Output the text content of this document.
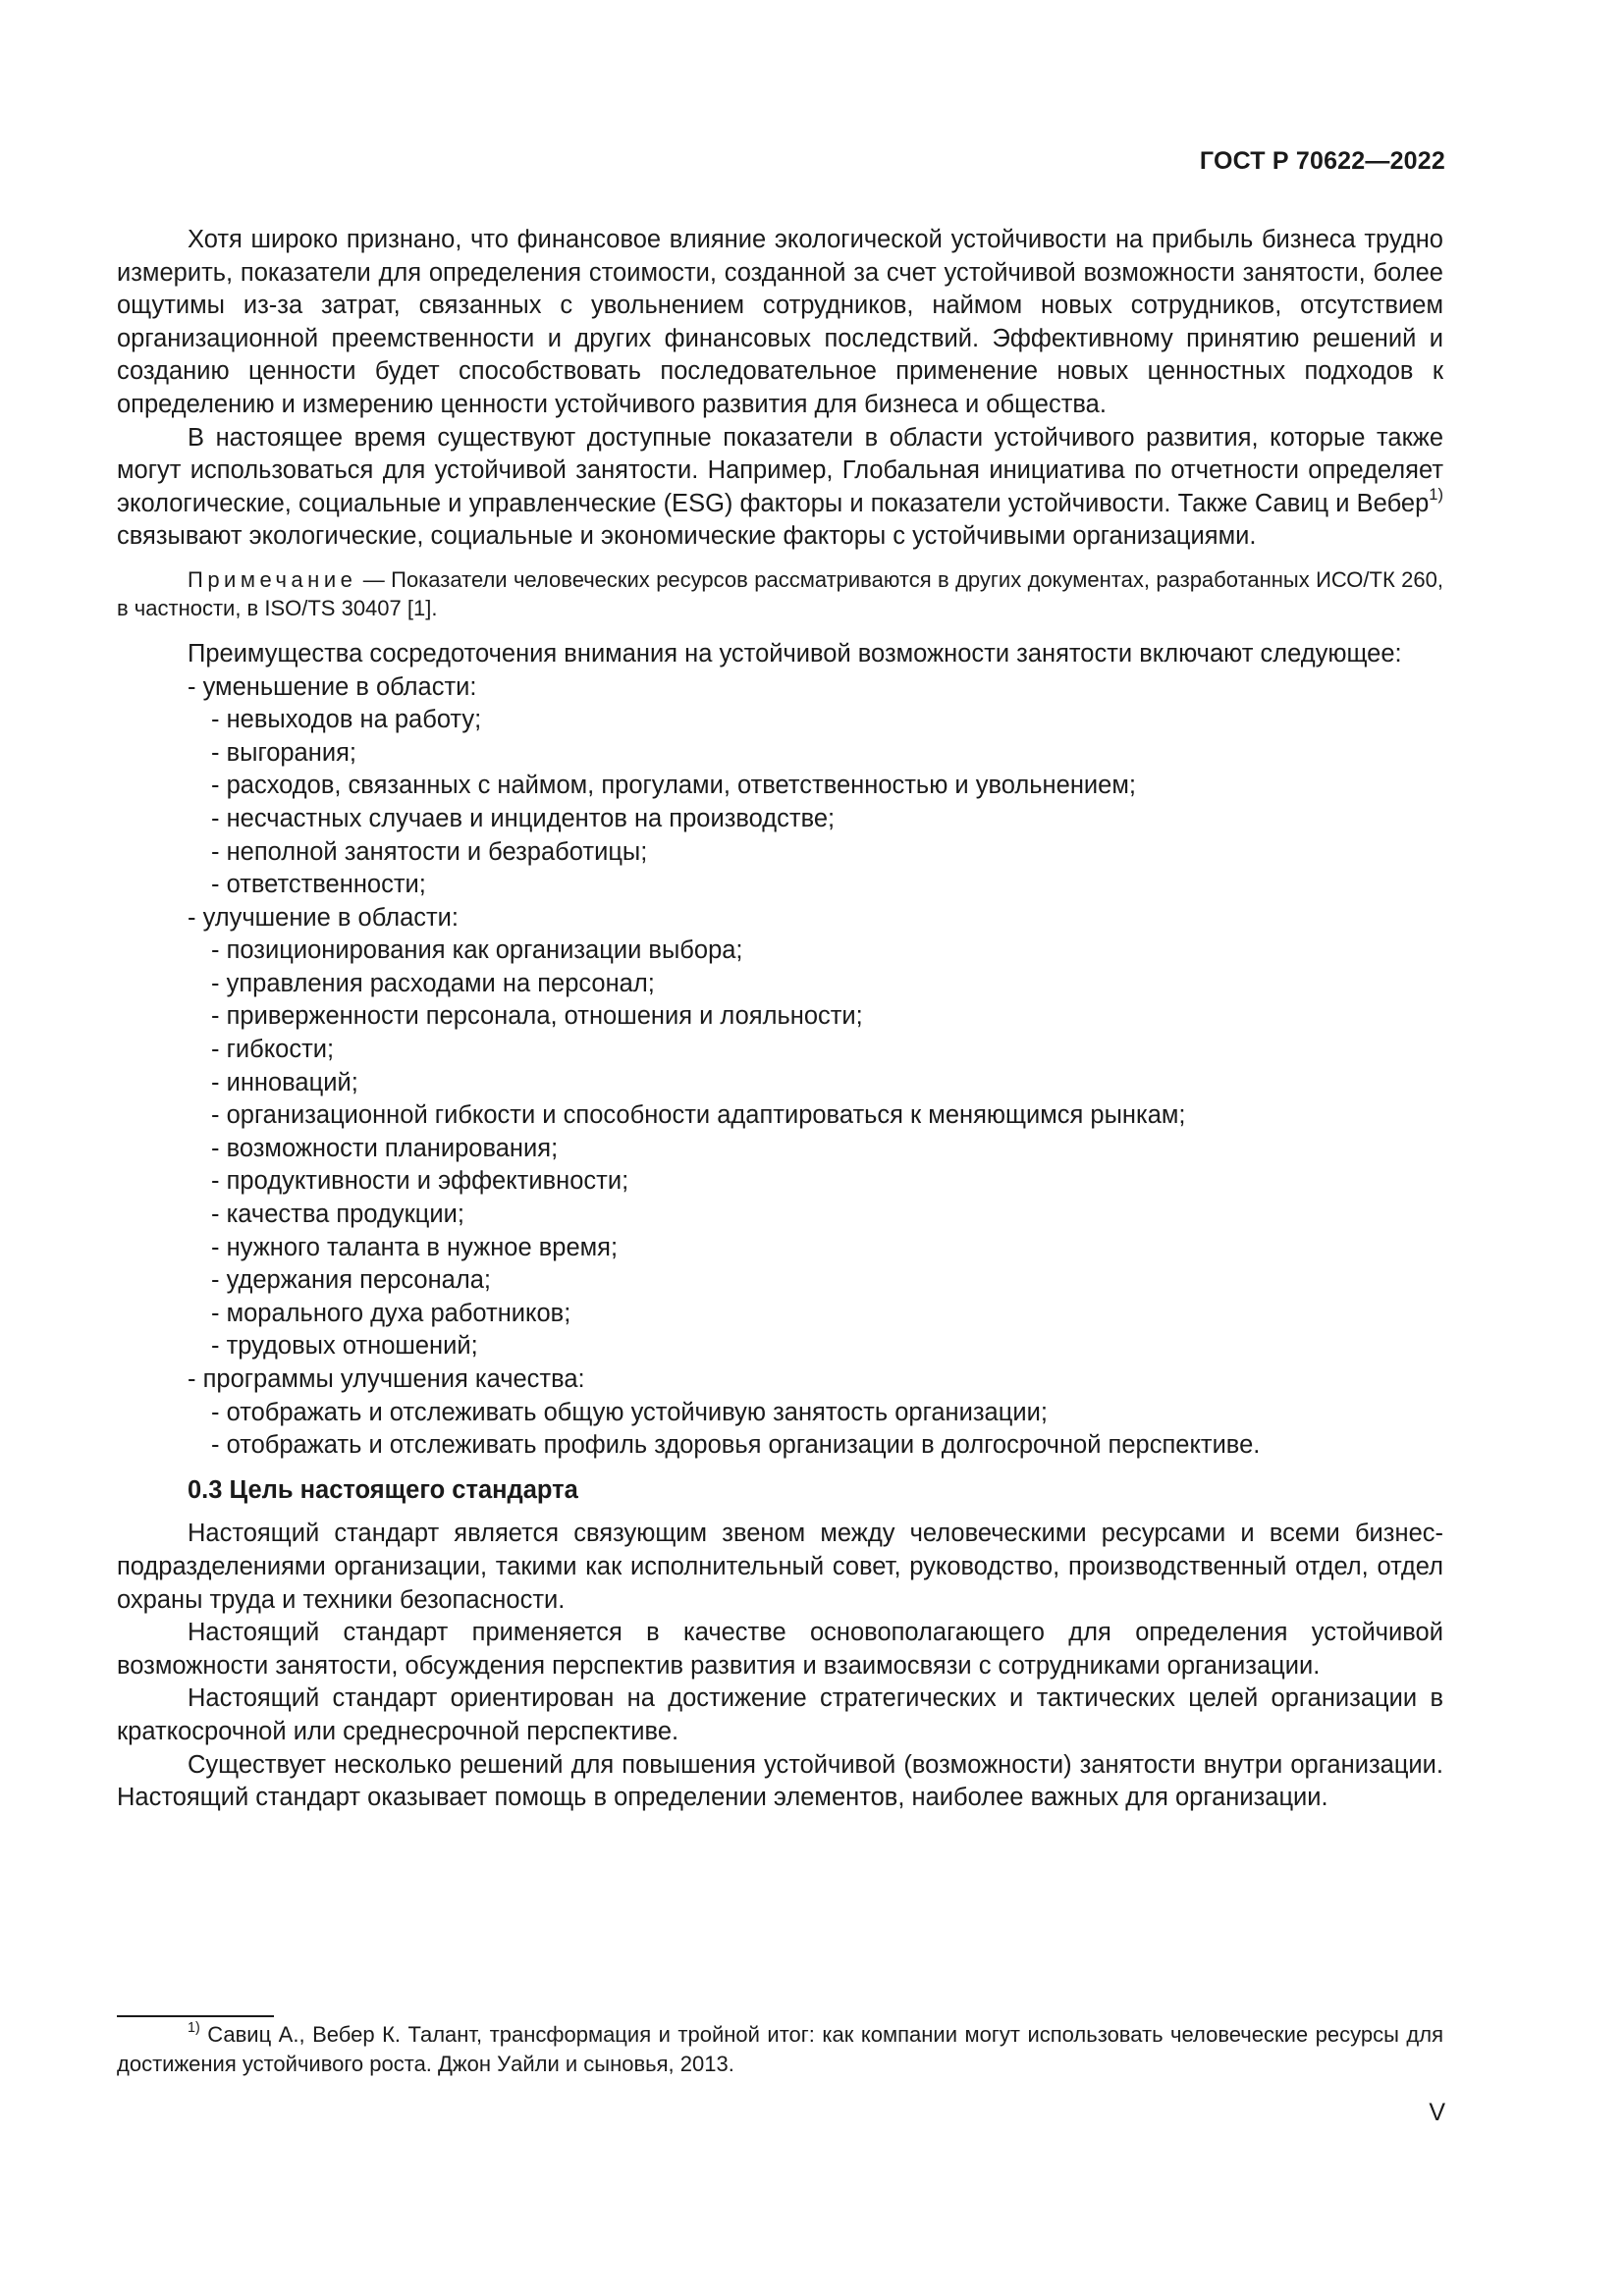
ГОСТ Р 70622—2022

Хотя широко признано, что финансовое влияние экологической устойчивости на прибыль бизнеса трудно измерить, показатели для определения стоимости, созданной за счет устойчивой возможности занятости, более ощутимы из-за затрат, связанных с увольнением сотрудников, наймом новых сотрудников, отсутствием организационной преемственности и других финансовых последствий. Эффективному принятию решений и созданию ценности будет способствовать последовательное применение новых ценностных подходов к определению и измерению ценности устойчивого развития для бизнеса и общества.

В настоящее время существуют доступные показатели в области устойчивого развития, которые также могут использоваться для устойчивой занятости. Например, Глобальная инициатива по отчетности определяет экологические, социальные и управленческие (ESG) факторы и показатели устойчивости. Также Савиц и Вебер$^{1)}$ связывают экологические, социальные и экономические факторы с устойчивыми организациями.

Примечание — Показатели человеческих ресурсов рассматриваются в других документах, разработанных ИСО/ТК 260, в частности, в ISO/TS 30407 [1].

Преимущества сосредоточения внимания на устойчивой возможности занятости включают следующее:

- уменьшение в области:
- невыходов на работу;
- выгорания;
- расходов, связанных с наймом, прогулами, ответственностью и увольнением;
- несчастных случаев и инцидентов на производстве;
- неполной занятости и безработицы;
- ответственности;
- улучшение в области:
- позиционирования как организации выбора;
- управления расходами на персонал;
- приверженности персонала, отношения и лояльности;
- гибкости;
- инноваций;
- организационной гибкости и способности адаптироваться к меняющимся рынкам;
- возможности планирования;
- продуктивности и эффективности;
- качества продукции;
- нужного таланта в нужное время;
- удержания персонала;
- морального духа работников;
- трудовых отношений;
- программы улучшения качества:
- отображать и отслеживать общую устойчивую занятость организации;
- отображать и отслеживать профиль здоровья организации в долгосрочной перспективе.
0.3 Цель настоящего стандарта

Настоящий стандарт является связующим звеном между человеческими ресурсами и всеми бизнес-подразделениями организации, такими как исполнительный совет, руководство, производственный отдел, отдел охраны труда и техники безопасности.

Настоящий стандарт применяется в качестве основополагающего для определения устойчивой возможности занятости, обсуждения перспектив развития и взаимосвязи с сотрудниками организации.

Настоящий стандарт ориентирован на достижение стратегических и тактических целей организации в краткосрочной или среднесрочной перспективе.

Существует несколько решений для повышения устойчивой (возможности) занятости внутри организации. Настоящий стандарт оказывает помощь в определении элементов, наиболее важных для организации.

$^{1)}$ Савиц А., Вебер К. Талант, трансформация и тройной итог: как компании могут использовать человеческие ресурсы для достижения устойчивого роста. Джон Уайли и сыновья, 2013.

V
